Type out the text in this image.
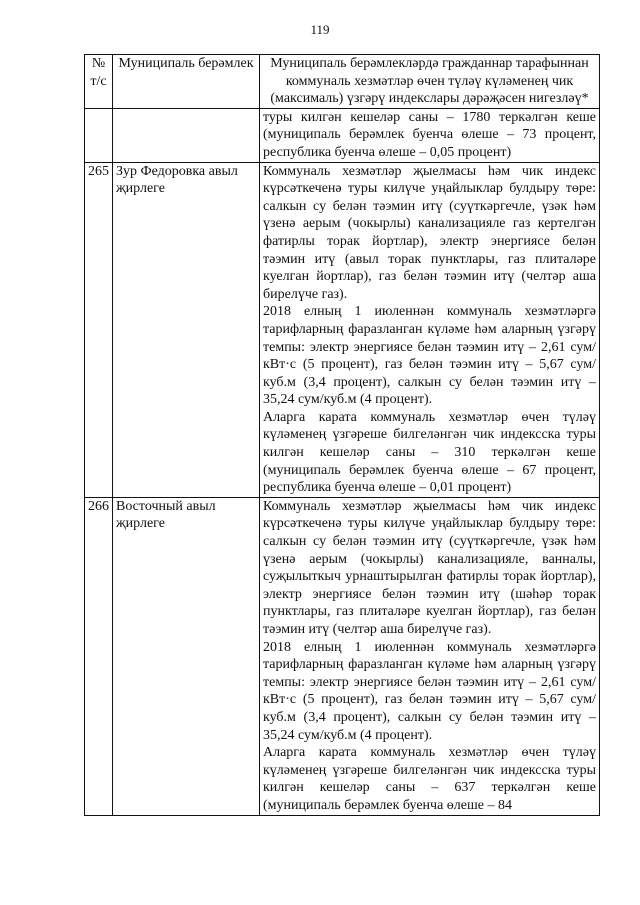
119
№ т/с	Муниципаль берәмлек	Муниципаль берәмлекләрдә гражданнар тарафыннан коммуналь хезмәтләр өчен түләү күләменең чик (максималь) үзгәрү индекслары дәрәҗәсен нигезләү*

		туры килгән кешеләр саны – 1780 теркәлгән кеше (муниципаль берәмлек буенча өлеше – 73 процент, республика буенча өлеше – 0,05 процент)

265	Зур Федоровка авыл җирлеге	Коммуналь хезмәтләр җыелмасы һәм чик индекс күрсәткеченә туры килүче уңайлыклар булдыру төре: салкын су белән тәэмин итү (суүткәргечле, үзәк һәм үзенә аерым (чокырлы) канализацияле газ кертелгән фатирлы торак йортлар), электр энергиясе белән тәэмин итү (авыл торак пунктлары, газ плиталәре куелган йортлар), газ белән тәэмин итү (челтәр аша бирелүче газ).

2018 елның 1 июленнән коммуналь хезмәтләргә тарифларның фаразланган күләме һәм аларның үзгәрү темпы: электр энергиясе белән тәэмин итү – 2,61 сум/кВт·с (5 процент), газ белән тәэмин итү – 5,67 сум/куб.м (3,4 процент), салкын су белән тәэмин итү – 35,24 сум/куб.м (4 процент).

Аларга карата коммуналь хезмәтләр өчен түләү күләменең үзгәреше билгеләнгән чик индексска туры килгән кешеләр саны – 310 теркәлгән кеше (муниципаль берәмлек буенча өлеше – 67 процент, республика буенча өлеше – 0,01 процент)

266	Восточный авыл җирлеге	Коммуналь хезмәтләр җыелмасы һәм чик индекс күрсәткеченә туры килүче уңайлыклар булдыру төре: салкын су белән тәэмин итү (суүткәргечле, үзәк һәм үзенә аерым (чокырлы) канализацияле, ванналы, суҗылыткыч урнаштырылган фатирлы торак йортлар), электр энергиясе белән тәэмин итү (шәһәр торак пунктлары, газ плиталәре куелган йортлар), газ белән тәэмин итү (челтәр аша бирелүче газ).

2018 елның 1 июленнән коммуналь хезмәтләргә тарифларның фаразланган күләме һәм аларның үзгәрү темпы: электр энергиясе белән тәэмин итү – 2,61 сум/кВт·с (5 процент), газ белән тәэмин итү – 5,67 сум/куб.м (3,4 процент), салкын су белән тәэмин итү – 35,24 сум/куб.м (4 процент).

Аларга карата коммуналь хезмәтләр өчен түләү күләменең үзгәреше билгеләнгән чик индексска туры килгән кешеләр саны – 637 теркәлгән кеше (муниципаль берәмлек буенча өлеше – 84
